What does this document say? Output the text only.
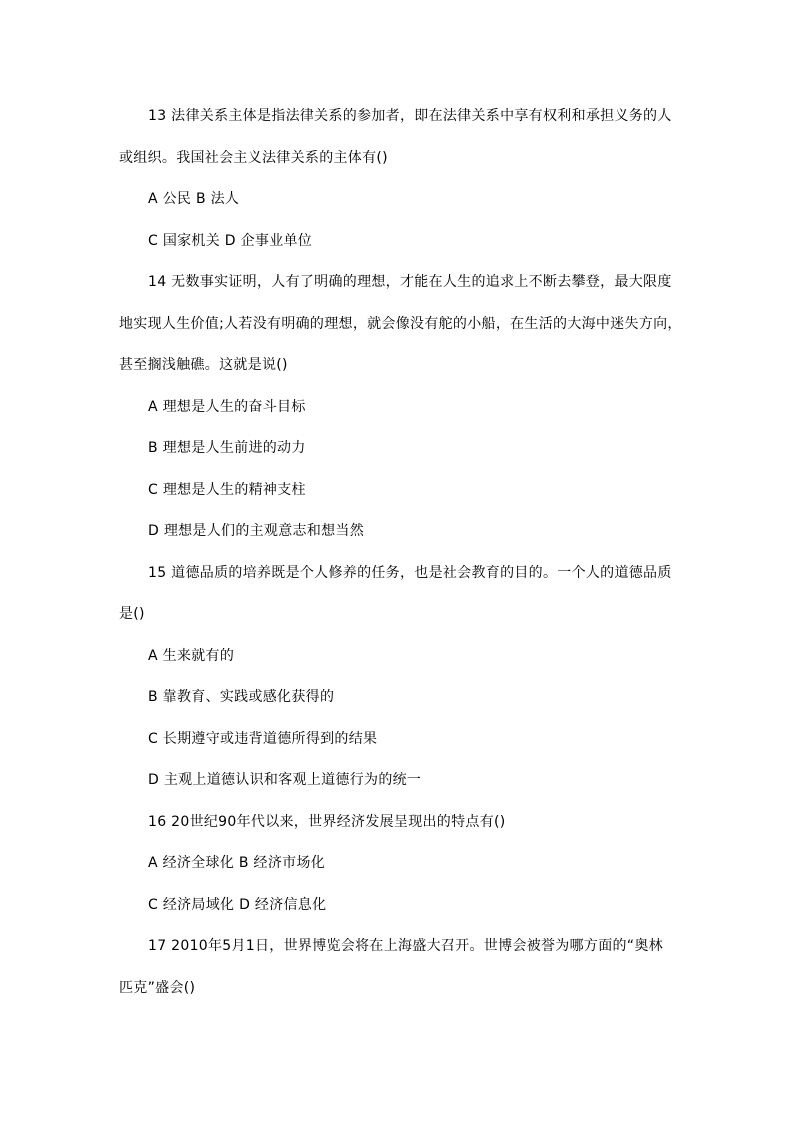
13 法律关系主体是指法律关系的参加者，即在法律关系中享有权利和承担义务的人
或组织。我国社会主义法律关系的主体有()
A 公民 B 法人
C 国家机关 D 企事业单位
14 无数事实证明，人有了明确的理想，才能在人生的追求上不断去攀登，最大限度
地实现人生价值;人若没有明确的理想，就会像没有舵的小船，在生活的大海中迷失方向，
甚至搁浅触礁。这就是说()
A 理想是人生的奋斗目标
B 理想是人生前进的动力
C 理想是人生的精神支柱
D 理想是人们的主观意志和想当然
15 道德品质的培养既是个人修养的任务，也是社会教育的目的。一个人的道德品质
是()
A 生来就有的
B 靠教育、实践或感化获得的
C 长期遵守或违背道德所得到的结果
D 主观上道德认识和客观上道德行为的统一
16 20世纪90年代以来，世界经济发展呈现出的特点有()
A 经济全球化 B 经济市场化
C 经济局域化 D 经济信息化
17 2010年5月1日，世界博览会将在上海盛大召开。世博会被誉为哪方面的“奥林
匹克”盛会()
